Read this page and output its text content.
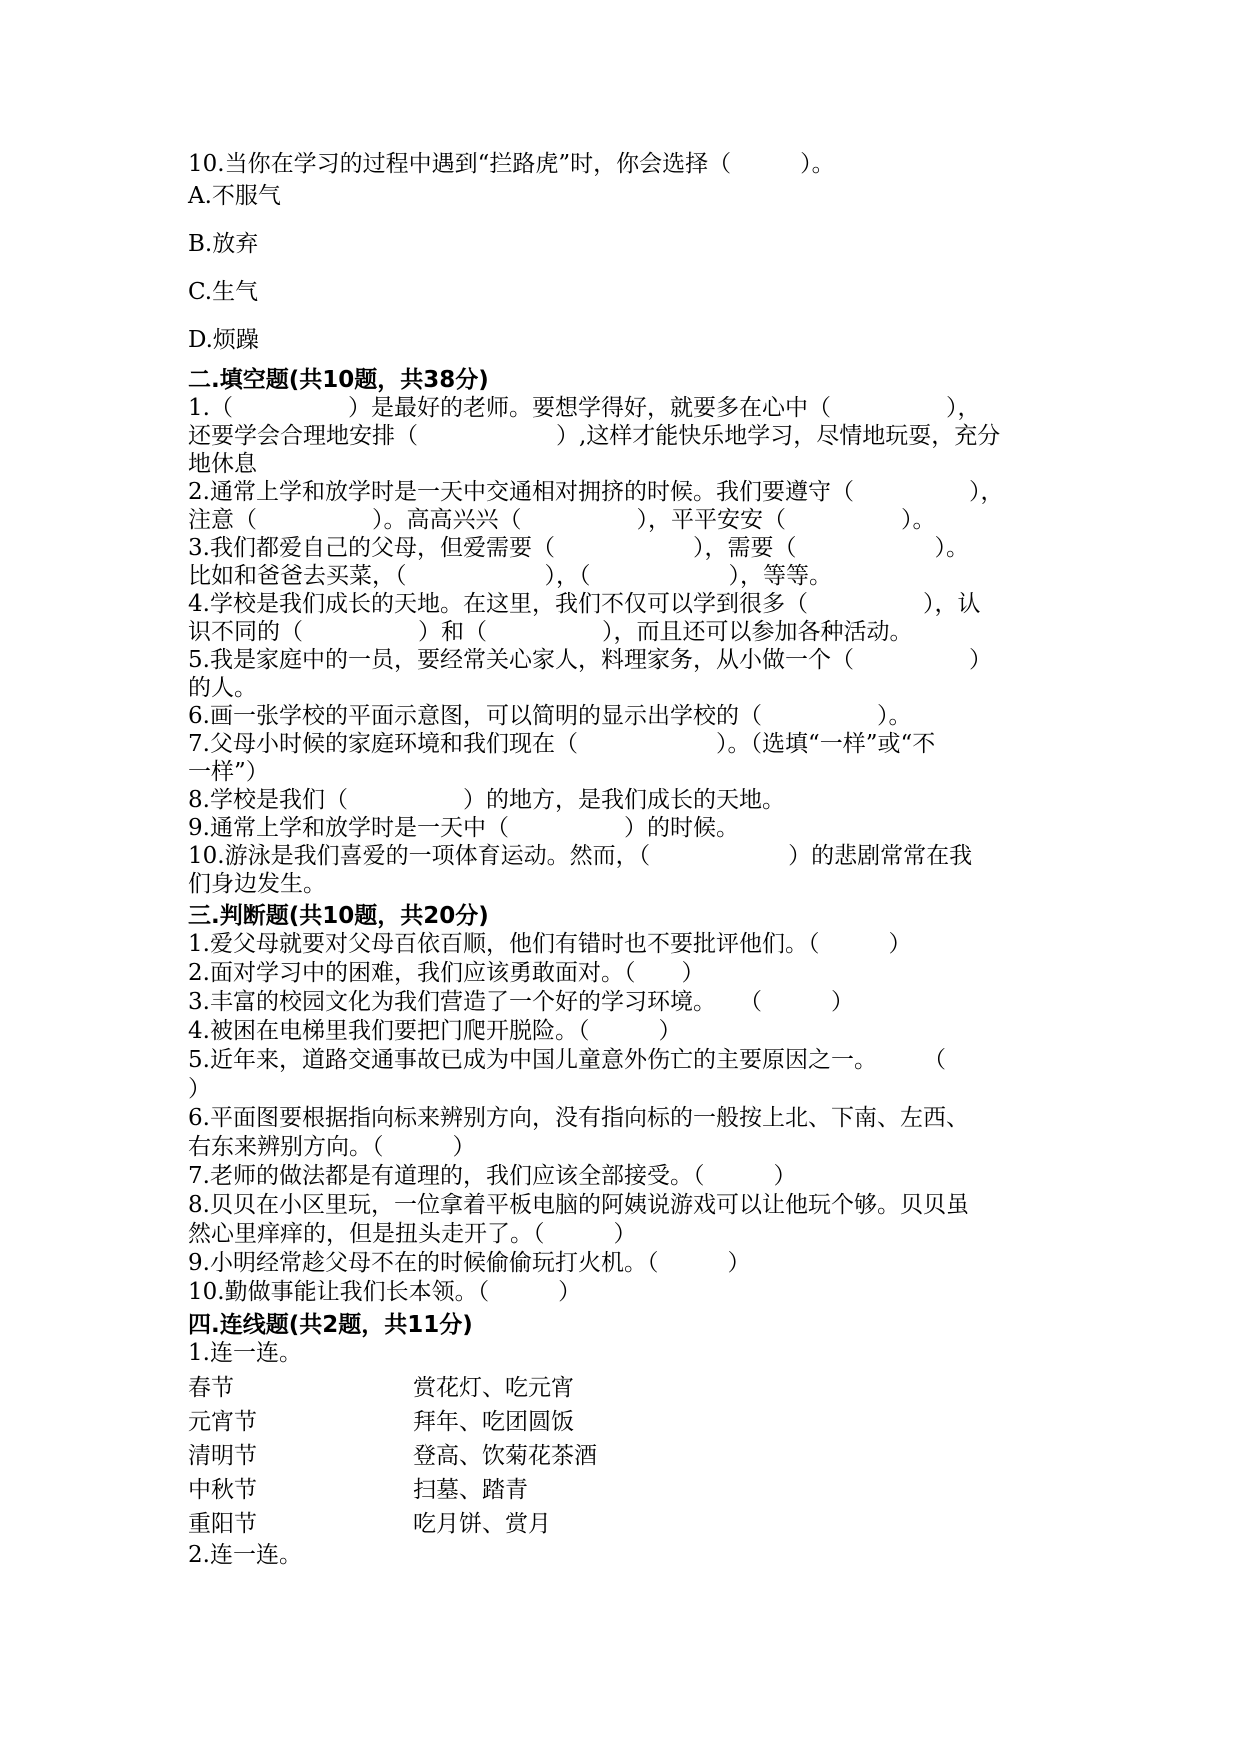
10.当你在学习的过程中遇到“拦路虎”时，你会选择（　　　）。
A.不服气
B.放弃
C.生气
D.烦躁
二.填空题(共10题，共38分)
1.（　　　　　）是最好的老师。要想学得好，就要多在心中（　　　　　），
还要学会合理地安排（　　　　　　）,这样才能快乐地学习，尽情地玩耍，充分
地休息
2.通常上学和放学时是一天中交通相对拥挤的时候。我们要遵守（　　　　　），
注意（　　　　　）。高高兴兴（　　　　　），平平安安（　　　　　）。
3.我们都爱自己的父母，但爱需要（　　　　　　），需要（　　　　　　）。
比如和爸爸去买菜，（　　　　　　），（　　　　　　），等等。
4.学校是我们成长的天地。在这里，我们不仅可以学到很多（　　　　　），认
识不同的（　　　　　）和（　　　　　），而且还可以参加各种活动。
5.我是家庭中的一员，要经常关心家人，料理家务，从小做一个（　　　　　）
的人。
6.画一张学校的平面示意图，可以简明的显示出学校的（　　　　　）。
7.父母小时候的家庭环境和我们现在（　　　　　　）。（选填“一样”或“不
一样”）
8.学校是我们（　　　　　）的地方，是我们成长的天地。
9.通常上学和放学时是一天中（　　　　　）的时候。
10.游泳是我们喜爱的一项体育运动。然而，（　　　　　　）的悲剧常常在我
们身边发生。
三.判断题(共10题，共20分)
1.爱父母就要对父母百依百顺，他们有错时也不要批评他们。（　　　）
2.面对学习中的困难，我们应该勇敢面对。（　　）
3.丰富的校园文化为我们营造了一个好的学习环境。　　（　　　）
4.被困在电梯里我们要把门爬开脱险。（　　　）
5.近年来，道路交通事故已成为中国儿童意外伤亡的主要原因之一。　　　（
）
6.平面图要根据指向标来辨别方向，没有指向标的一般按上北、下南、左西、
右东来辨别方向。（　　　）
7.老师的做法都是有道理的，我们应该全部接受。（　　　）
8.贝贝在小区里玩，一位拿着平板电脑的阿姨说游戏可以让他玩个够。贝贝虽
然心里痒痒的，但是扭头走开了。（　　　）
9.小明经常趁父母不在的时候偷偷玩打火机。（　　　）
10.勤做事能让我们长本领。（　　　）
四.连线题(共2题，共11分)
1.连一连。
春节	赏花灯、吃元宵
元宵节	拜年、吃团圆饭
清明节	登高、饮菊花茶酒
中秋节	扫墓、踏青
重阳节	吃月饼、赏月
2.连一连。
